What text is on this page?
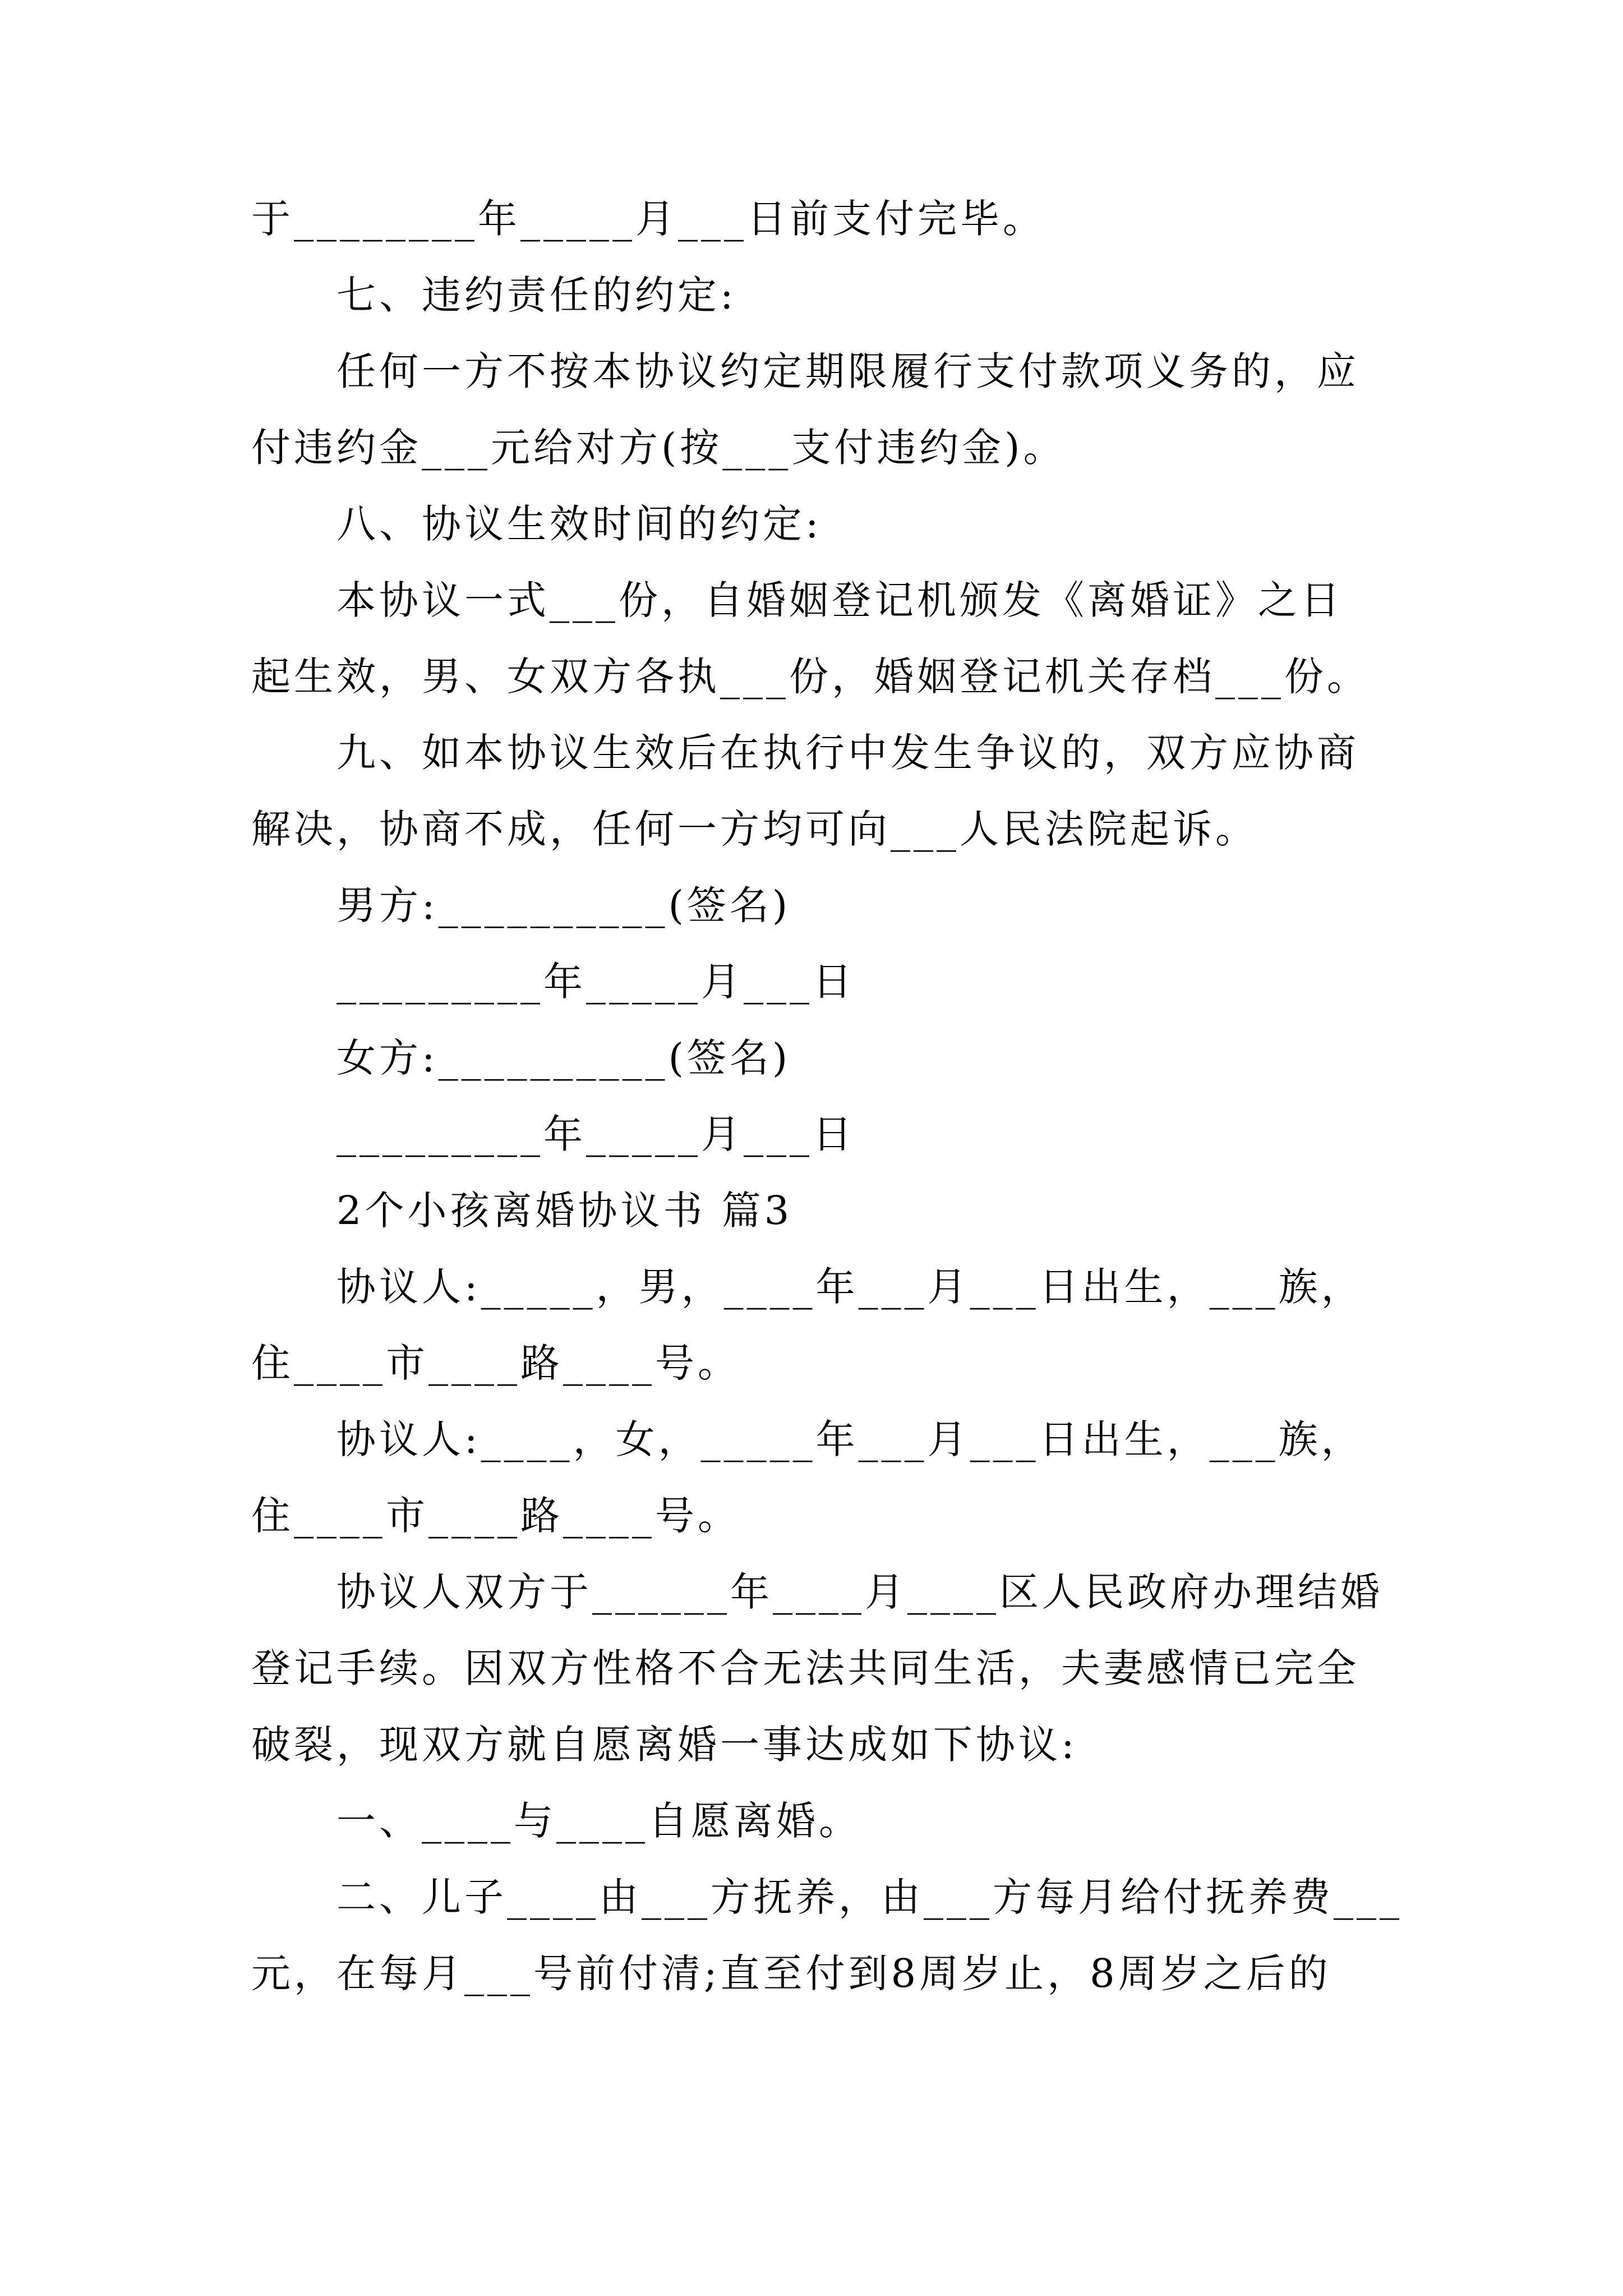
于________年_____月___日前支付完毕。
七、违约责任的约定:
任何一方不按本协议约定期限履行支付款项义务的，应
付违约金___元给对方(按___支付违约金)。
八、协议生效时间的约定:
本协议一式___份，自婚姻登记机颁发《离婚证》之日
起生效，男、女双方各执___份，婚姻登记机关存档___份。
九、如本协议生效后在执行中发生争议的，双方应协商
解决，协商不成，任何一方均可向___人民法院起诉。
男方:__________(签名)
_________年_____月___日
女方:__________(签名)
_________年_____月___日
2个小孩离婚协议书 篇3
协议人:_____，男，____年___月___日出生，___族，
住____市____路____号。
协议人:____，女，_____年___月___日出生，___族，
住____市____路____号。
协议人双方于______年____月____区人民政府办理结婚
登记手续。因双方性格不合无法共同生活，夫妻感情已完全
破裂，现双方就自愿离婚一事达成如下协议:
一、____与____自愿离婚。
二、儿子____由___方抚养，由___方每月给付抚养费___
元，在每月___号前付清;直至付到8周岁止，8周岁之后的
